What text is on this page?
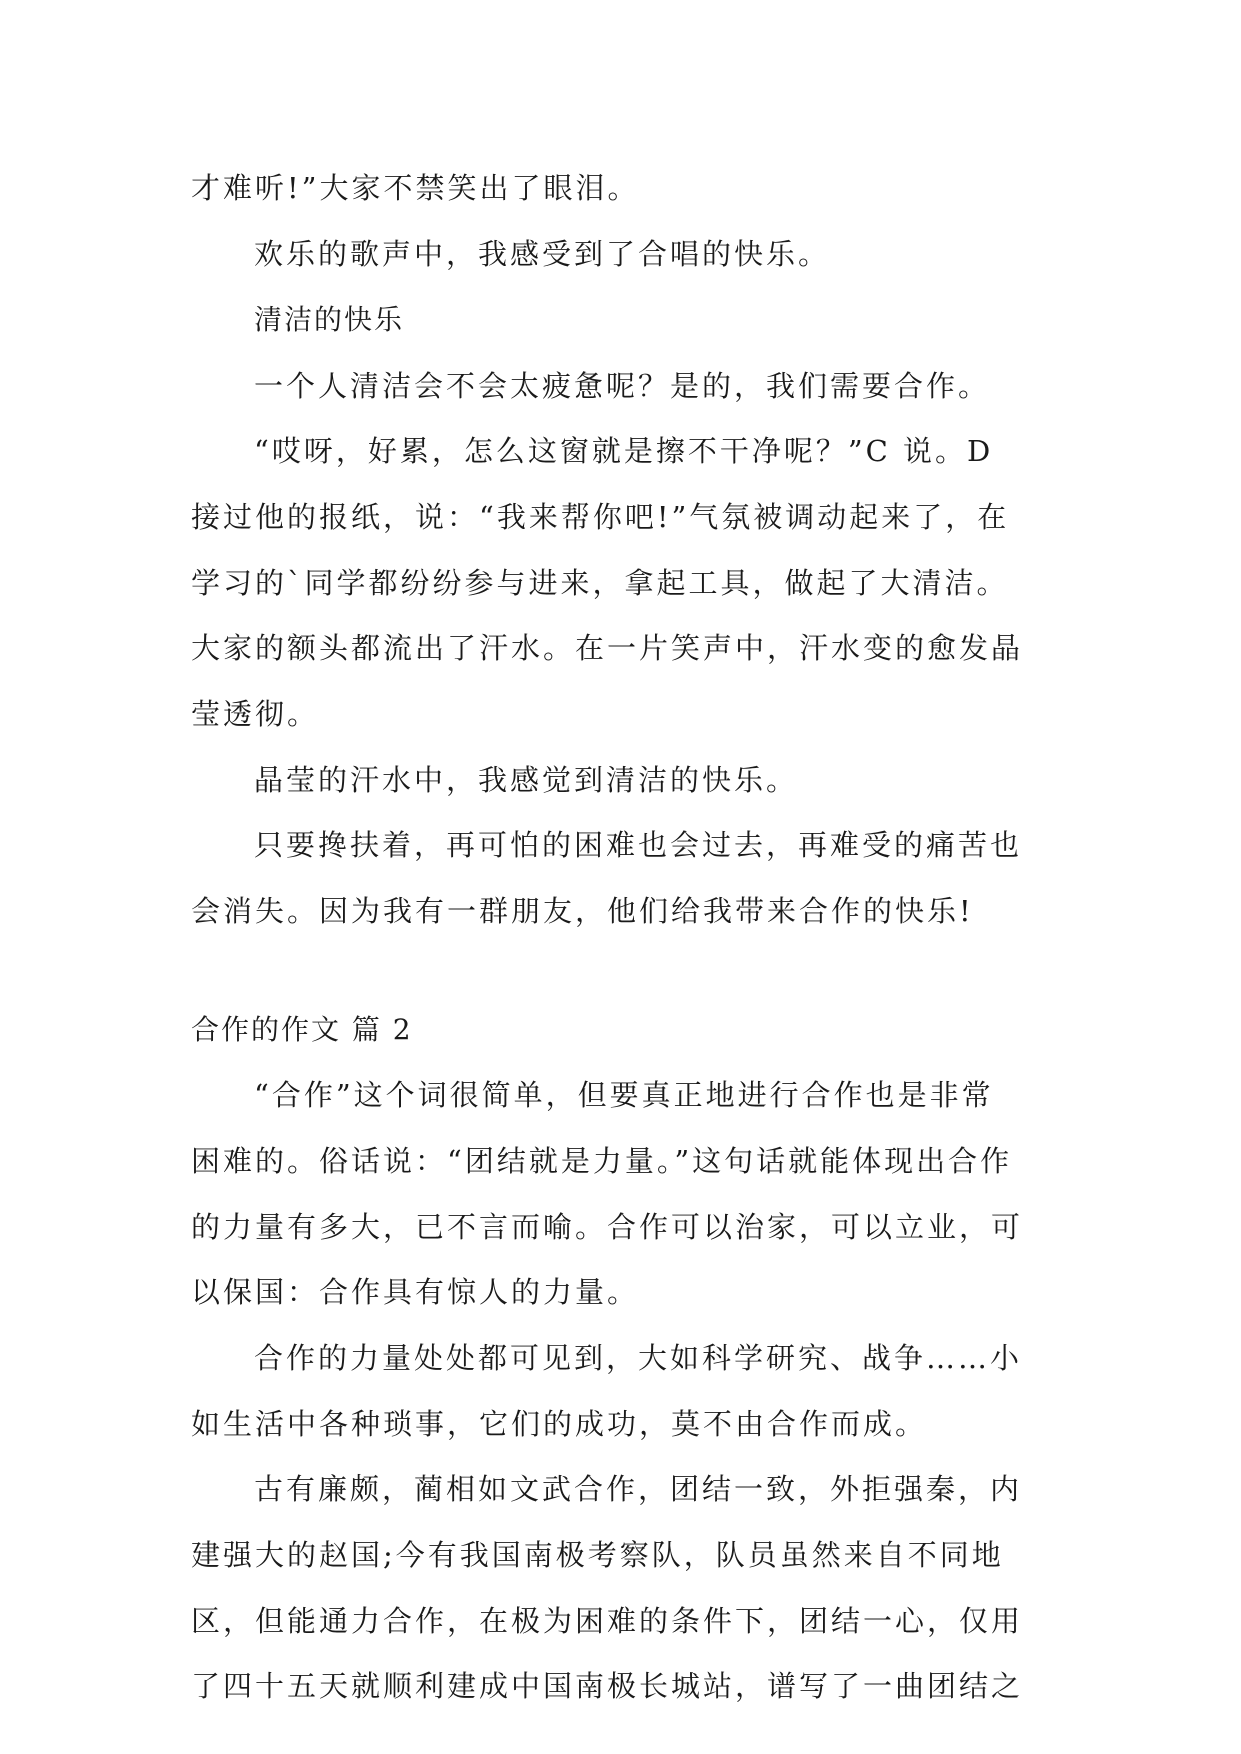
才难听!”大家不禁笑出了眼泪。
欢乐的歌声中，我感受到了合唱的快乐。
清洁的快乐
一个人清洁会不会太疲惫呢？是的，我们需要合作。
“哎呀，好累，怎么这窗就是擦不干净呢？”C 说。D
接过他的报纸，说：“我来帮你吧!”气氛被调动起来了，在
学习的`同学都纷纷参与进来，拿起工具，做起了大清洁。
大家的额头都流出了汗水。在一片笑声中，汗水变的愈发晶
莹透彻。
晶莹的汗水中，我感觉到清洁的快乐。
只要搀扶着，再可怕的困难也会过去，再难受的痛苦也
会消失。因为我有一群朋友，他们给我带来合作的快乐!
合作的作文 篇 2
“合作”这个词很简单，但要真正地进行合作也是非常
困难的。俗话说：“团结就是力量。”这句话就能体现出合作
的力量有多大，已不言而喻。合作可以治家，可以立业，可
以保国：合作具有惊人的力量。
合作的力量处处都可见到，大如科学研究、战争……小
如生活中各种琐事，它们的成功，莫不由合作而成。
古有廉颇，蔺相如文武合作，团结一致，外拒强秦，内
建强大的赵国;今有我国南极考察队，队员虽然来自不同地
区，但能通力合作，在极为困难的条件下，团结一心，仅用
了四十五天就顺利建成中国南极长城站，谱写了一曲团结之
